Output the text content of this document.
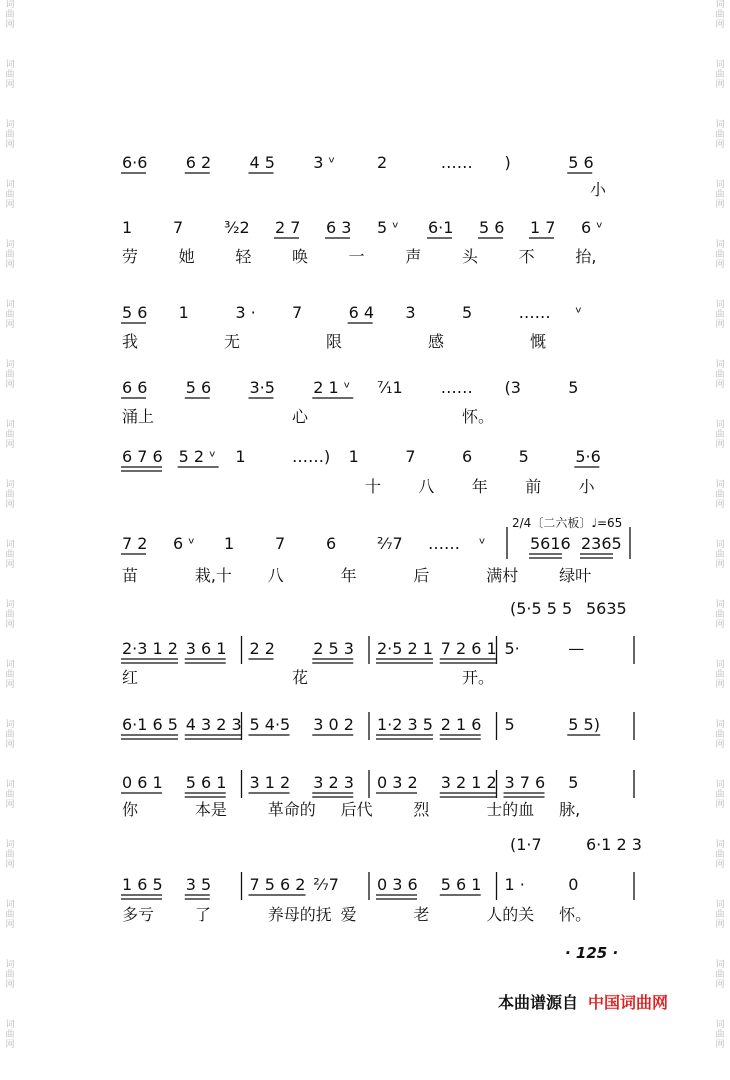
词
曲
网
词
曲
网
词
曲
网
词
曲
网
词
曲
网
词
曲
网
词
曲
网
词
曲
网
词
曲
网
词
曲
网
词
曲
网
词
曲
网
词
曲
网
词
曲
网
词
曲
网
词
曲
网
词
曲
网
词
曲
网
词
曲
网
词
曲
网
词
曲
网
词
曲
网
词
曲
网
词
曲
网
词
曲
网
词
曲
网
词
曲
网
词
曲
网
词
曲
网
词
曲
网
词
曲
网
词
曲
网
词
曲
网
词
曲
网
词
曲
网
词
曲
网
2/4〔二六板〕♩=65
6·6 6 2 4 5 3 ᵛ	2	…… )	5 6
小
1	7	³⁄₂2 2 7 6 3 5 ᵛ 6·1 5 6 1 7 6 ᵛ
劳	她	轻	唤	一	声	头	不	抬,
5 6 1	3 · 7	6 4 3	5	…… ᵛ
我	无	限	感	慨
6 6 5 6 3·5 2 1 ᵛ ⁷⁄₁1 …… (3	5
涌上	心	怀。
6 7 6 5 2 ᵛ 1	……) 1	7	6	5	5·6
十 八 年 前 小
7 2 6 ᵛ 1	7	6	²⁄₇7 …… ᵛ	5616 2365
苗	栽,十 八	年	后	满村	绿叶
2·3 1 2 3 6 1 2 2 2 5 3 2·5 2 1 7 2 6 1 5·	—
(5·5 5 5 5635
红	花	开。
6·1 6 5 4 3 2 3 5 4·5 3 0 2 1·2 3 5 2 1 6 5	5 5)
0 6 1 5 6 1 3 1 2 3 2 3 0 3 2 3 2 1 2 3 7 6 5
你	本是	革命的 后代	烈	士的血 脉,
1 6 5 3 5 7 5 6 2 ²⁄₇7 0 3 6 5 6 1 1 ·	0
(1·7	6·1 2 3
多亏	了	养母的抚 爱	老	人的关 怀。
· 125 ·
本曲谱源自 中国词曲网
